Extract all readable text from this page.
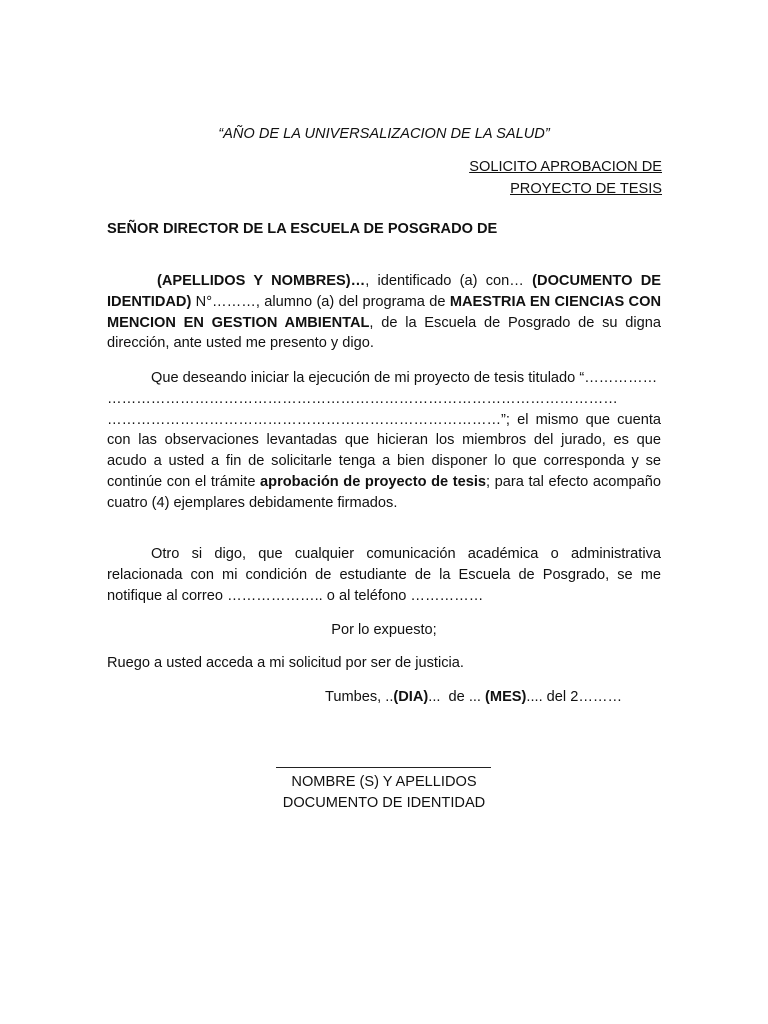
“AÑO DE LA UNIVERSALIZACION DE LA SALUD”
SOLICITO APROBACION DE
PROYECTO DE TESIS
SEÑOR DIRECTOR DE LA ESCUELA DE POSGRADO DE
(APELLIDOS Y NOMBRES)…, identificado (a) con… (DOCUMENTO DE IDENTIDAD) N°………, alumno (a) del programa de MAESTRIA EN CIENCIAS CON MENCION EN GESTION AMBIENTAL, de la Escuela de Posgrado de su digna dirección, ante usted me presento y digo.
Que deseando iniciar la ejecución de mi proyecto de tesis titulado “……………
……………………………………………………………………………………………
………………………………………………………………………”; el mismo que cuenta con las observaciones levantadas que hicieran los miembros del jurado, es que acudo a usted a fin de solicitarle tenga a bien disponer lo que corresponda y se continúe con el trámite aprobación de proyecto de tesis; para tal efecto acompaño cuatro (4) ejemplares debidamente firmados.
Otro si digo, que cualquier comunicación académica o administrativa relacionada con mi condición de estudiante de la Escuela de Posgrado, se me notifique al correo ……………….. o al teléfono ……………
Por lo expuesto;
Ruego a usted acceda a mi solicitud por ser de justicia.
Tumbes, ..(DIA)...  de ... (MES).... del 2………
NOMBRE (S) Y APELLIDOS
DOCUMENTO DE IDENTIDAD
